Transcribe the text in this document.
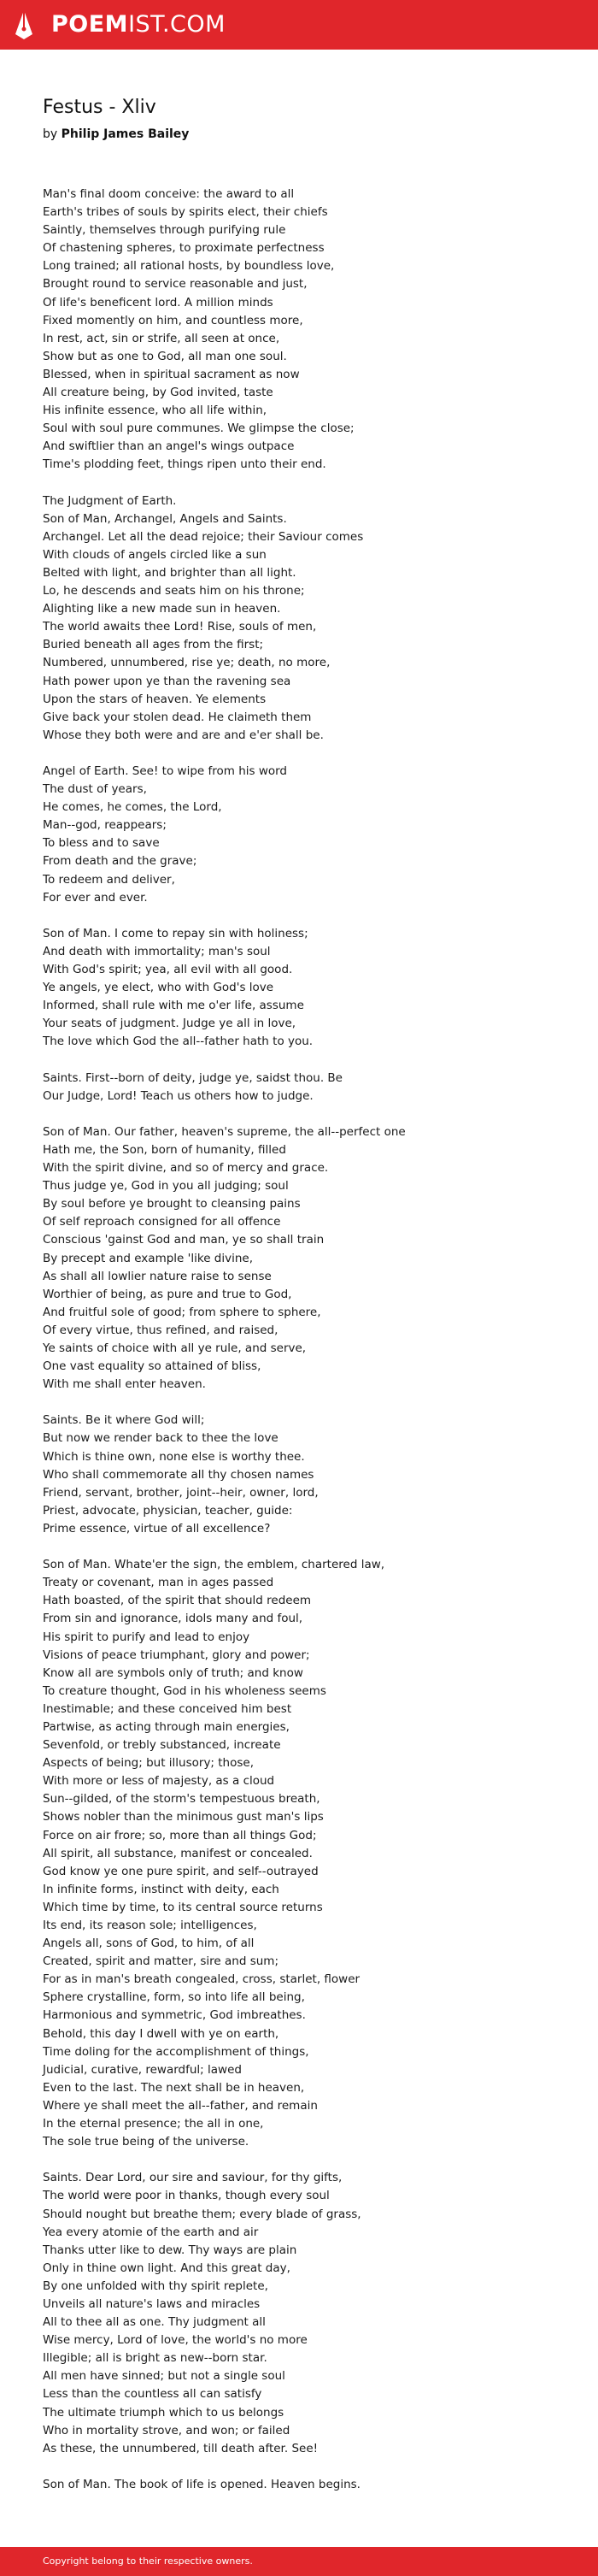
POEMIST.COM
Festus - Xliv
by Philip James Bailey
Man's final doom conceive: the award to all
Earth's tribes of souls by spirits elect, their chiefs
Saintly, themselves through purifying rule
Of chastening spheres, to proximate perfectness
Long trained; all rational hosts, by boundless love,
Brought round to service reasonable and just,
Of life's beneficent lord. A million minds
Fixed momently on him, and countless more,
In rest, act, sin or strife, all seen at once,
Show but as one to God, all man one soul.
Blessed, when in spiritual sacrament as now
All creature being, by God invited, taste
His infinite essence, who all life within,
Soul with soul pure communes. We glimpse the close;
And swiftlier than an angel's wings outpace
Time's plodding feet, things ripen unto their end.
The Judgment of Earth.
Son of Man, Archangel, Angels and Saints.
Archangel. Let all the dead rejoice; their Saviour comes
With clouds of angels circled like a sun
Belted with light, and brighter than all light.
Lo, he descends and seats him on his throne;
Alighting like a new made sun in heaven.
The world awaits thee Lord! Rise, souls of men,
Buried beneath all ages from the first;
Numbered, unnumbered, rise ye; death, no more,
Hath power upon ye than the ravening sea
Upon the stars of heaven. Ye elements
Give back your stolen dead. He claimeth them
Whose they both were and are and e'er shall be.
Angel of Earth. See! to wipe from his word
The dust of years,
He comes, he comes, the Lord,
Man--god, reappears;
To bless and to save
From death and the grave;
To redeem and deliver,
For ever and ever.
Son of Man. I come to repay sin with holiness;
And death with immortality; man's soul
With God's spirit; yea, all evil with all good.
Ye angels, ye elect, who with God's love
Informed, shall rule with me o'er life, assume
Your seats of judgment. Judge ye all in love,
The love which God the all--father hath to you.
Saints. First--born of deity, judge ye, saidst thou. Be
Our Judge, Lord! Teach us others how to judge.
Son of Man. Our father, heaven's supreme, the all--perfect one
Hath me, the Son, born of humanity, filled
With the spirit divine, and so of mercy and grace.
Thus judge ye, God in you all judging; soul
By soul before ye brought to cleansing pains
Of self reproach consigned for all offence
Conscious 'gainst God and man, ye so shall train
By precept and example 'like divine,
As shall all lowlier nature raise to sense
Worthier of being, as pure and true to God,
And fruitful sole of good; from sphere to sphere,
Of every virtue, thus refined, and raised,
Ye saints of choice with all ye rule, and serve,
One vast equality so attained of bliss,
With me shall enter heaven.
Saints. Be it where God will;
But now we render back to thee the love
Which is thine own, none else is worthy thee.
Who shall commemorate all thy chosen names
Friend, servant, brother, joint--heir, owner, lord,
Priest, advocate, physician, teacher, guide:
Prime essence, virtue of all excellence?
Son of Man. Whate'er the sign, the emblem, chartered law,
Treaty or covenant, man in ages passed
Hath boasted, of the spirit that should redeem
From sin and ignorance, idols many and foul,
His spirit to purify and lead to enjoy
Visions of peace triumphant, glory and power;
Know all are symbols only of truth; and know
To creature thought, God in his wholeness seems
Inestimable; and these conceived him best
Partwise, as acting through main energies,
Sevenfold, or trebly substanced, increate
Aspects of being; but illusory; those,
With more or less of majesty, as a cloud
Sun--gilded, of the storm's tempestuous breath,
Shows nobler than the minimous gust man's lips
Force on air frore; so, more than all things God;
All spirit, all substance, manifest or concealed.
God know ye one pure spirit, and self--outrayed
In infinite forms, instinct with deity, each
Which time by time, to its central source returns
Its end, its reason sole; intelligences,
Angels all, sons of God, to him, of all
Created, spirit and matter, sire and sum;
For as in man's breath congealed, cross, starlet, flower
Sphere crystalline, form, so into life all being,
Harmonious and symmetric, God imbreathes.
Behold, this day I dwell with ye on earth,
Time doling for the accomplishment of things,
Judicial, curative, rewardful; lawed
Even to the last. The next shall be in heaven,
Where ye shall meet the all--father, and remain
In the eternal presence; the all in one,
The sole true being of the universe.
Saints. Dear Lord, our sire and saviour, for thy gifts,
The world were poor in thanks, though every soul
Should nought but breathe them; every blade of grass,
Yea every atomie of the earth and air
Thanks utter like to dew. Thy ways are plain
Only in thine own light. And this great day,
By one unfolded with thy spirit replete,
Unveils all nature's laws and miracles
All to thee all as one. Thy judgment all
Wise mercy, Lord of love, the world's no more
Illegible; all is bright as new--born star.
All men have sinned; but not a single soul
Less than the countless all can satisfy
The ultimate triumph which to us belongs
Who in mortality strove, and won; or failed
As these, the unnumbered, till death after. See!
Son of Man. The book of life is opened. Heaven begins.
Copyright belong to their respective owners.
